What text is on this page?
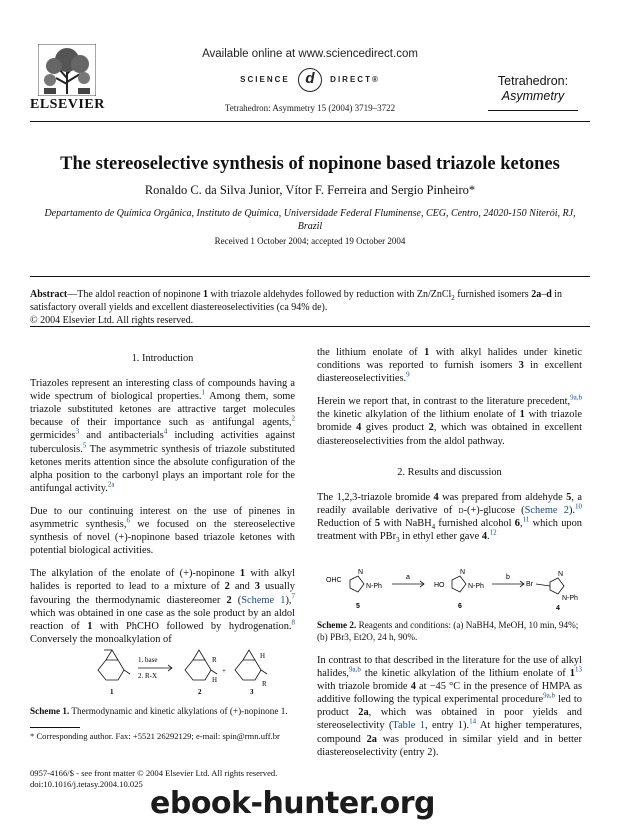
ELSEVIER
Available online at www.sciencedirect.com
SCIENCE d DIRECT®
Tetrahedron: Asymmetry 15 (2004) 3719–3722
Tetrahedron:
Asymmetry
The stereoselective synthesis of nopinone based triazole ketones
Ronaldo C. da Silva Junior, Vítor F. Ferreira and Sergio Pinheiro*
Departamento de Química Orgânica, Instituto de Química, Universidade Federal Fluminense, CEG, Centro, 24020-150 Niterói, RJ, Brazil
Received 1 October 2004; accepted 19 October 2004
Abstract—The aldol reaction of nopinone 1 with triazole aldehydes followed by reduction with Zn/ZnCl$_2$ furnished isomers 2a–d in satisfactory overall yields and excellent diastereoselectivities (ca 94% de).
© 2004 Elsevier Ltd. All rights reserved.
1. Introduction

Triazoles represent an interesting class of compounds having a wide spectrum of biological properties.$^1$ Among them, some triazole substituted ketones are attractive target molecules because of their importance such as antifungal agents,$^2$ germicides$^3$ and antibacterials$^4$ including activities against tuberculosis.$^5$ The asymmetric synthesis of triazole substituted ketones merits attention since the absolute configuration of the alpha position to the carbonyl plays an important role for the antifungal activity.$^{2a}$

Due to our continuing interest on the use of pinenes in asymmetric synthesis,$^6$ we focused on the stereoselective synthesis of novel (+)-nopinone based triazole ketones with potential biological activities.

The alkylation of the enolate of (+)-nopinone 1 with alkyl halides is reported to lead to a mixture of 2 and 3 usually favouring the thermodynamic diastereomer 2 (Scheme 1),$^7$ which was obtained in one case as the sole product by an aldol reaction of 1 with PhCHO followed by hydrogenation.$^8$ Conversely the monoalkylation of

1. base
2. R-X
1	2	3
+
R
H
H
R
Scheme 1. Thermodynamic and kinetic alkylations of (+)-nopinone 1.
* Corresponding author. Fax: +5521 26292129; e-mail: spin@rmn.uff.br
0957-4166/$ - see front matter © 2004 Elsevier Ltd. All rights reserved.
doi:10.1016/j.tetasy.2004.10.025

the lithium enolate of 1 with alkyl halides under kinetic conditions was reported to furnish isomers 3 in excellent diastereoselectivities.$^9$

Herein we report that, in contrast to the literature precedent,$^{9a,b}$ the kinetic alkylation of the lithium enolate of 1 with triazole bromide 4 gives product 2, which was obtained in excellent diastereoselectivities from the aldol pathway.

2. Results and discussion

The 1,2,3-triazole bromide 4 was prepared from aldehyde 5, a readily available derivative of d-(+)-glucose (Scheme 2).$^{10}$ Reduction of 5 with NaBH$_4$ furnished alcohol 6,11 which upon treatment with PBr$_3$ in ethyl ether gave 4.12

OHC
N
N-Ph	HO
N
N-Ph	Br
N
N-Ph
a	b
5	6	4
Scheme 2. Reagents and conditions: (a) NaBH4, MeOH, 10 min, 94%; (b) PBr3, Et2O, 24 h, 90%.

In contrast to that described in the literature for the use of alkyl halides,$^{9a,b}$ the kinetic alkylation of the lithium enolate of 1$^{13}$ with triazole bromide 4 at −45 °C in the presence of HMPA as additive following the typical experimental procedure$^{9a,b}$ led to product 2a, which was obtained in poor yields and stereoselectivity (Table 1, entry 1).$^{14}$ At higher temperatures, compound 2a was produced in similar yield and in better diastereoselectivity (entry 2).

ebook-hunter.org
